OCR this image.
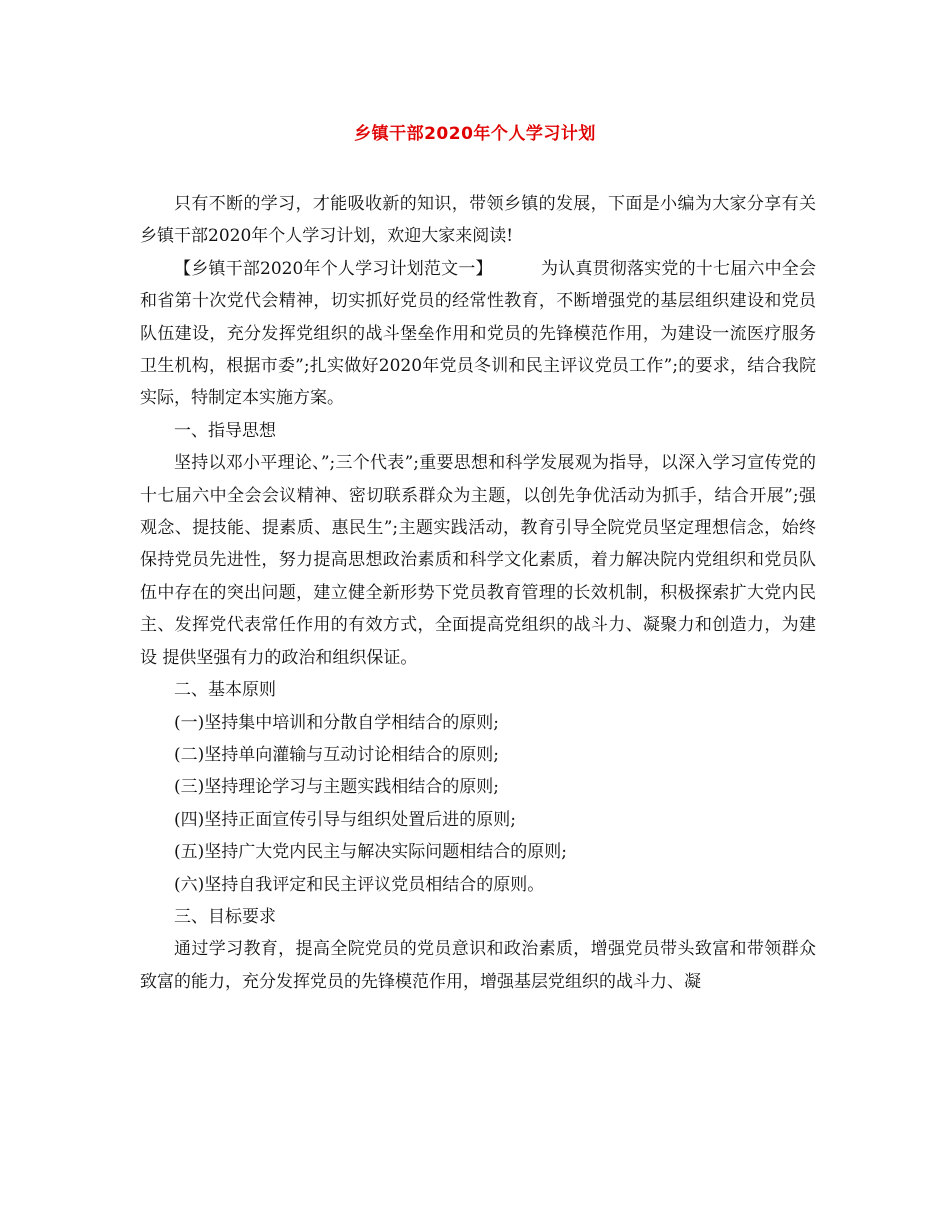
乡镇干部2020年个人学习计划

只有不断的学习，才能吸收新的知识，带领乡镇的发展，下面是小编为大家分享有关乡镇干部2020年个人学习计划，欢迎大家来阅读!

【乡镇干部2020年个人学习计划范文一】	为认真贯彻落实党的十七届六中全会和省第十次党代会精神，切实抓好党员的经常性教育，不断增强党的基层组织建设和党员队伍建设，充分发挥党组织的战斗堡垒作用和党员的先锋模范作用，为建设一流医疗服务卫生机构，根据市委”;扎实做好2020年党员冬训和民主评议党员工作”;的要求，结合我院实际，特制定本实施方案。

一、指导思想

坚持以邓小平理论、”;三个代表”;重要思想和科学发展观为指导，以深入学习宣传党的十七届六中全会会议精神、密切联系群众为主题，以创先争优活动为抓手，结合开展”;强观念、提技能、提素质、惠民生”;主题实践活动，教育引导全院党员坚定理想信念，始终保持党员先进性，努力提高思想政治素质和科学文化素质，着力解决院内党组织和党员队伍中存在的突出问题，建立健全新形势下党员教育管理的长效机制，积极探索扩大党内民主、发挥党代表常任作用的有效方式，全面提高党组织的战斗力、凝聚力和创造力，为建设 提供坚强有力的政治和组织保证。

二、基本原则

(一)坚持集中培训和分散自学相结合的原则;

(二)坚持单向灌输与互动讨论相结合的原则;

(三)坚持理论学习与主题实践相结合的原则;

(四)坚持正面宣传引导与组织处置后进的原则;

(五)坚持广大党内民主与解决实际问题相结合的原则;

(六)坚持自我评定和民主评议党员相结合的原则。

三、目标要求

通过学习教育，提高全院党员的党员意识和政治素质，增强党员带头致富和带领群众致富的能力，充分发挥党员的先锋模范作用，增强基层党组织的战斗力、凝
